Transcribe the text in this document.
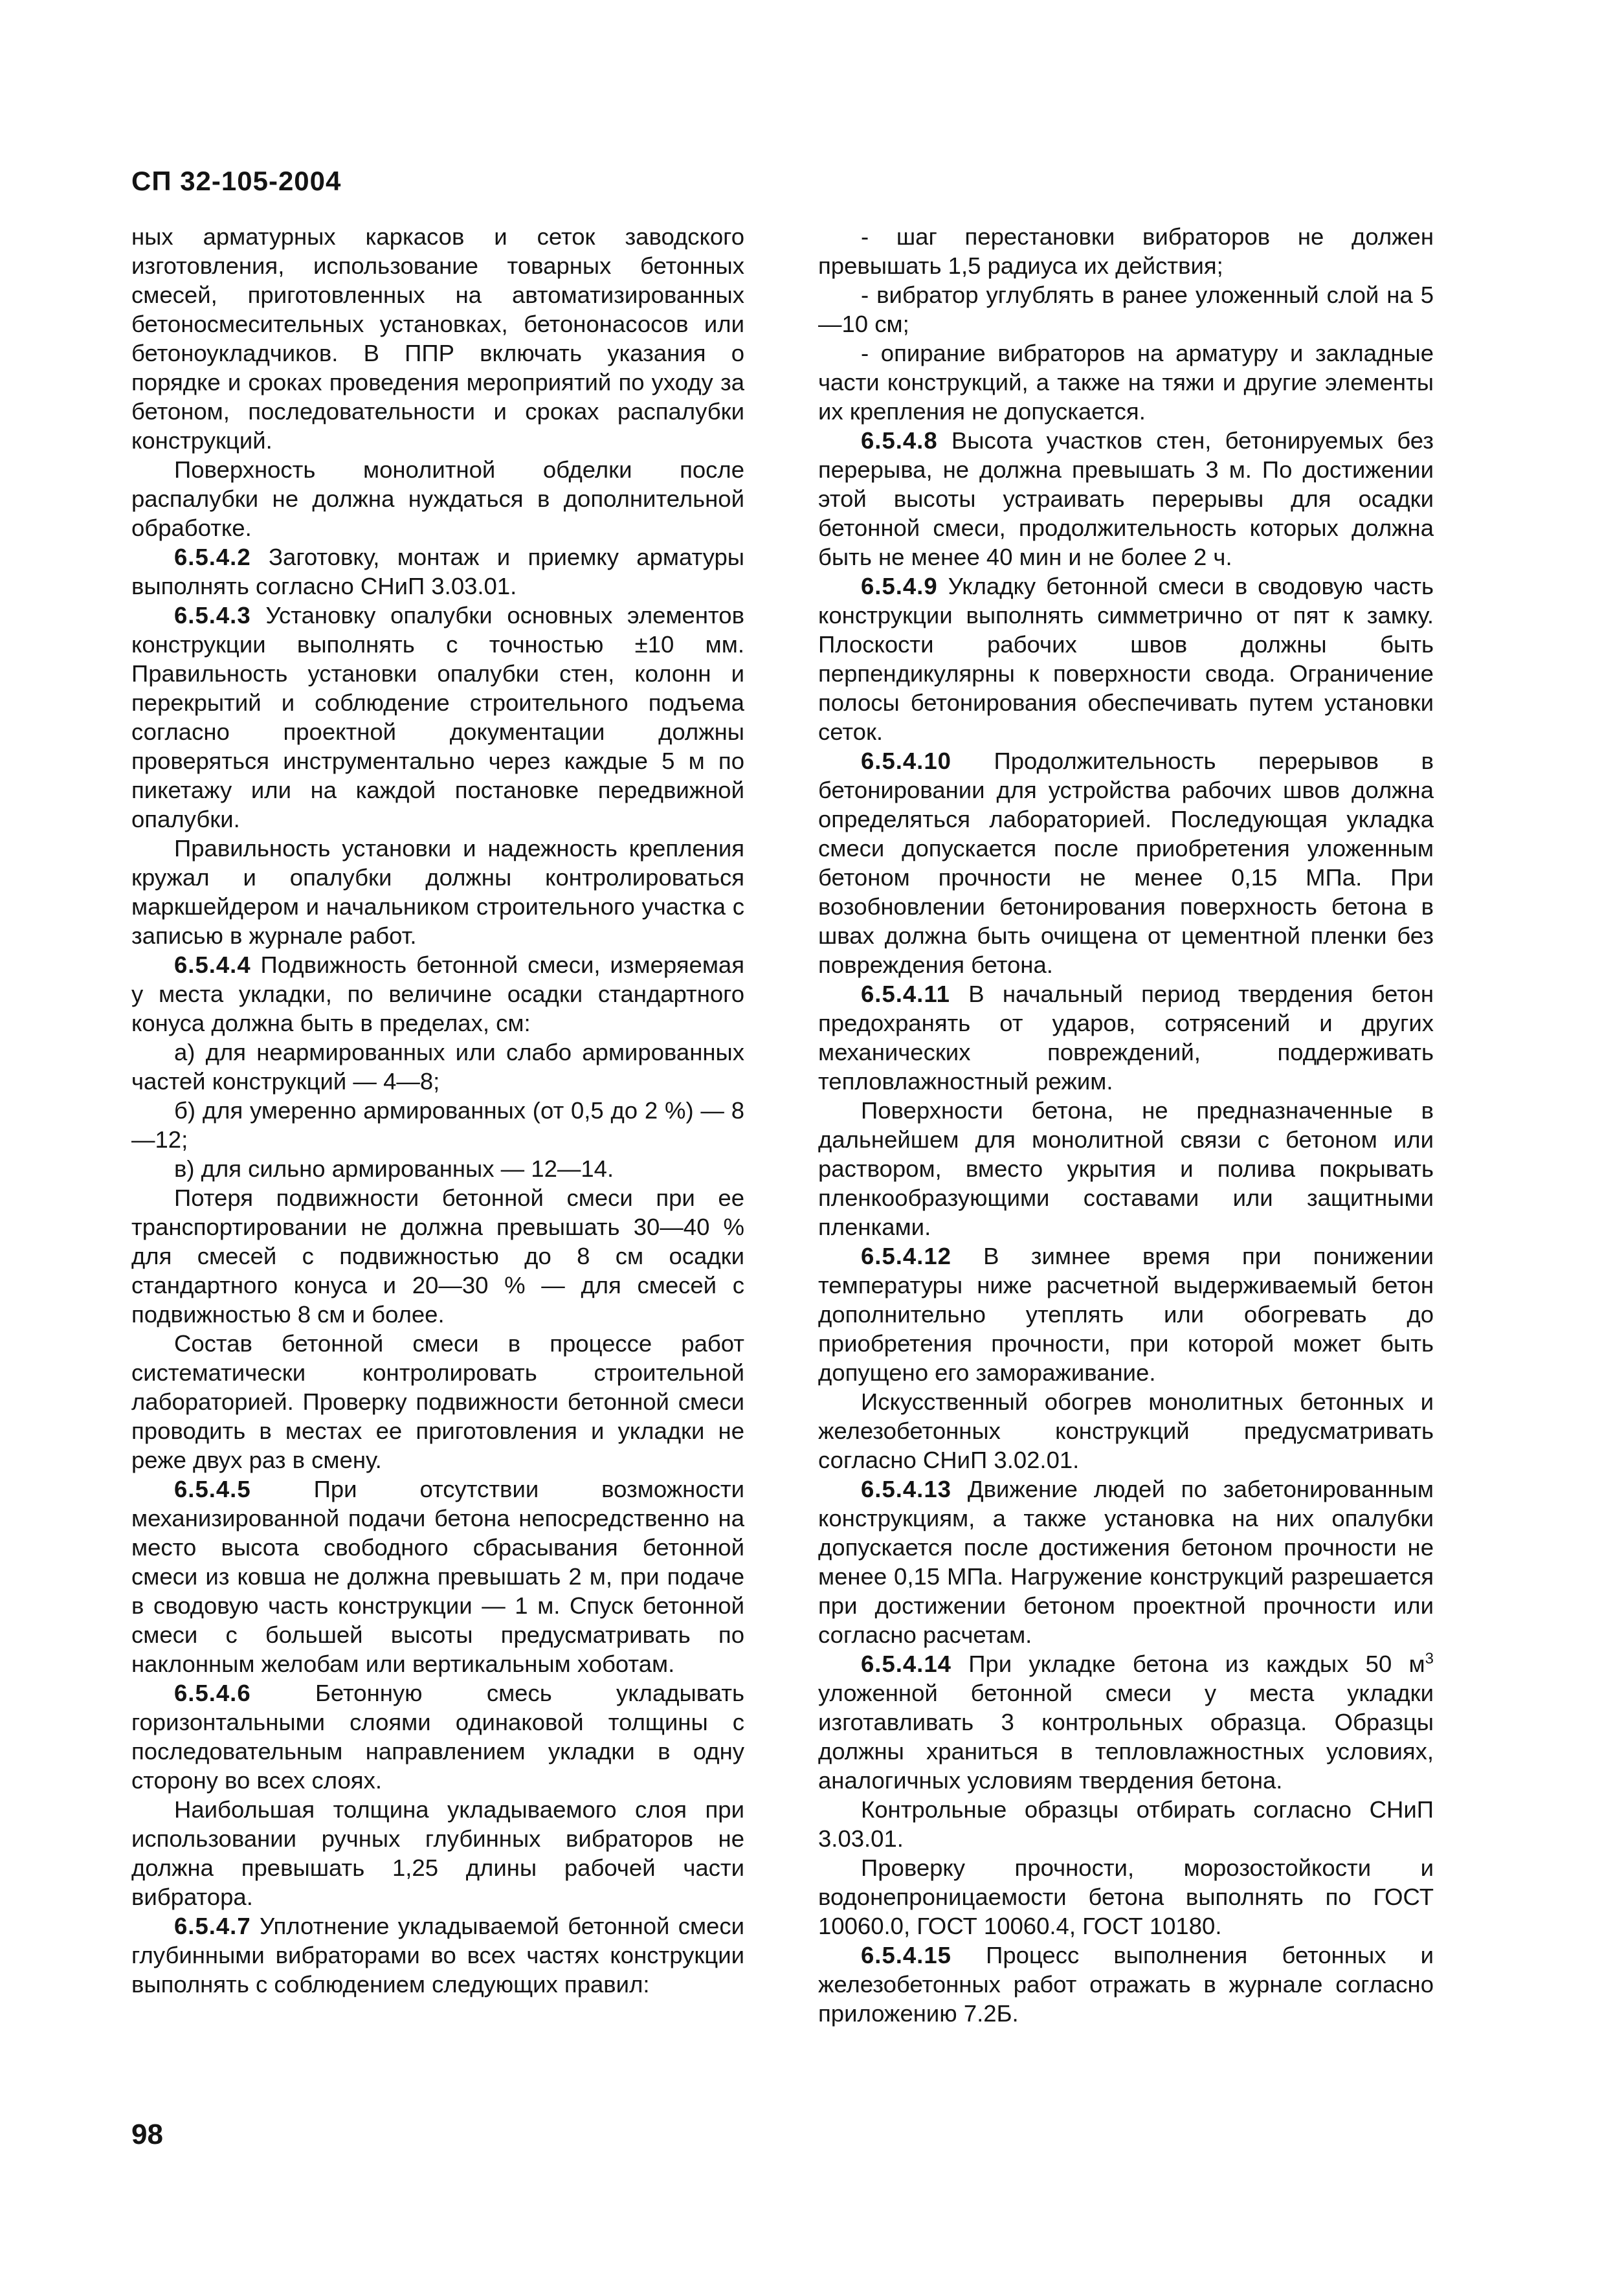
СП 32-105-2004

ных арматурных каркасов и сеток заводского изготовления, использование товарных бетонных смесей, приготовленных на автоматизированных бетоносмесительных установках, бетононасосов или бетоноукладчиков. В ППР включать указания о порядке и сроках проведения мероприятий по уходу за бетоном, последовательности и сроках распалубки конструкций.

Поверхность монолитной обделки после распалубки не должна нуждаться в дополнительной обработке.

6.5.4.2 Заготовку, монтаж и приемку арматуры выполнять согласно СНиП 3.03.01.

6.5.4.3 Установку опалубки основных элементов конструкции выполнять с точностью ±10 мм. Правильность установки опалубки стен, колонн и перекрытий и соблюдение строительного подъема согласно проектной документации должны проверяться инструментально через каждые 5 м по пикетажу или на каждой постановке передвижной опалубки.

Правильность установки и надежность крепления кружал и опалубки должны контролироваться маркшейдером и начальником строительного участка с записью в журнале работ.

6.5.4.4 Подвижность бетонной смеси, измеряемая у места укладки, по величине осадки стандартного конуса должна быть в пределах, см:

а) для неармированных или слабо армированных частей конструкций — 4—8;

б) для умеренно армированных (от 0,5 до 2 %) — 8—12;

в) для сильно армированных — 12—14.

Потеря подвижности бетонной смеси при ее транспортировании не должна превышать 30—40 % для смесей с подвижностью до 8 см осадки стандартного конуса и 20—30 % — для смесей с подвижностью 8 см и более.

Состав бетонной смеси в процессе работ систематически контролировать строительной лабораторией. Проверку подвижности бетонной смеси проводить в местах ее приготовления и укладки не реже двух раз в смену.

6.5.4.5	При отсутствии возможности механизированной подачи бетона непосредственно на место высота свободного сбрасывания бетонной смеси из ковша не должна превышать 2 м, при подаче в сводовую часть конструкции — 1 м. Спуск бетонной смеси с большей высоты предусматривать по наклонным желобам или вертикальным хоботам.

6.5.4.6	Бетонную смесь укладывать горизонтальными слоями одинаковой толщины с последовательным направлением укладки в одну сторону во всех слоях.

Наибольшая толщина укладываемого слоя при использовании ручных глубинных вибраторов не должна превышать 1,25 длины рабочей части вибратора.

6.5.4.7 Уплотнение укладываемой бетонной смеси глубинными вибраторами во всех частях конструкции выполнять с соблюдением следующих правил:

- шаг перестановки вибраторов не должен превышать 1,5 радиуса их действия;

- вибратор углублять в ранее уложенный слой на 5—10 см;

- опирание вибраторов на арматуру и закладные части конструкций, а также на тяжи и другие элементы их крепления не допускается.

6.5.4.8 Высота участков стен, бетонируемых без перерыва, не должна превышать 3 м. По достижении этой высоты устраивать перерывы для осадки бетонной смеси, продолжительность которых должна быть не менее 40 мин и не более 2 ч.

6.5.4.9 Укладку бетонной смеси в сводовую часть конструкции выполнять симметрично от пят к замку. Плоскости рабочих швов должны быть перпендикулярны к поверхности свода. Ограничение полосы бетонирования обеспечивать путем установки сеток.

6.5.4.10 Продолжительность перерывов в бетонировании для устройства рабочих швов должна определяться лабораторией. Последующая укладка смеси допускается после приобретения уложенным бетоном прочности не менее 0,15 МПа. При возобновлении бетонирования поверхность бетона в швах должна быть очищена от цементной пленки без повреждения бетона.

6.5.4.11 В начальный период твердения бетон предохранять от ударов, сотрясений и других механических повреждений, поддерживать тепловлажностный режим.

Поверхности бетона, не предназначенные в дальнейшем для монолитной связи с бетоном или раствором, вместо укрытия и полива покрывать пленкообразующими составами или защитными пленками.

6.5.4.12 В зимнее время при понижении температуры ниже расчетной выдерживаемый бетон дополнительно утеплять или обогревать до приобретения прочности, при которой может быть допущено его замораживание.

Искусственный обогрев монолитных бетонных и железобетонных конструкций предусматривать согласно СНиП 3.02.01.

6.5.4.13 Движение людей по забетонированным конструкциям, а также установка на них опалубки допускается после достижения бетоном прочности не менее 0,15 МПа. Нагружение конструкций разрешается при достижении бетоном проектной прочности или согласно расчетам.

6.5.4.14 При укладке бетона из каждых 50 $м^3$ уложенной бетонной смеси у места укладки изготавливать 3 контрольных образца. Образцы должны храниться в тепловлажностных условиях, аналогичных условиям твердения бетона.

Контрольные образцы отбирать согласно СНиП 3.03.01.

Проверку прочности, морозостойкости и водонепроницаемости бетона выполнять по ГОСТ 10060.0, ГОСТ 10060.4, ГОСТ 10180.

6.5.4.15 Процесс выполнения бетонных и железобетонных работ отражать в журнале согласно приложению 7.2Б.

98
